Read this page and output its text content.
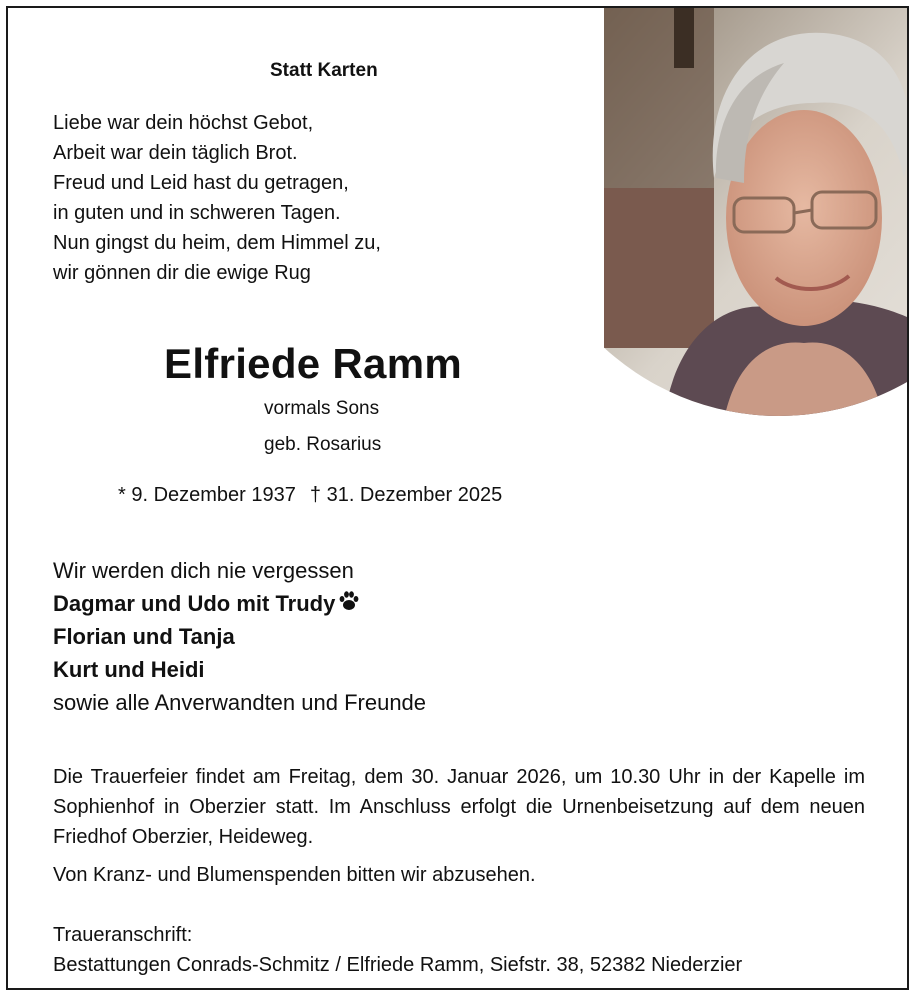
Statt Karten
Liebe war dein höchst Gebot,
Arbeit war dein täglich Brot.
Freud und Leid hast du getragen,
in guten und in schweren Tagen.
Nun gingst du heim, dem Himmel zu,
wir gönnen dir die ewige Rug
Elfriede Ramm
vormals Sons
geb. Rosarius
* 9. Dezember 1937 † 31. Dezember 2025
Wir werden dich nie vergessen
Dagmar und Udo mit Trudy
Florian und Tanja
Kurt und Heidi
sowie alle Anverwandten und Freunde
Die Trauerfeier findet am Freitag, dem 30. Januar 2026, um 10.30 Uhr in der Kapelle im Sophienhof in Oberzier statt. Im Anschluss erfolgt die Urnenbeisetzung auf dem neuen Friedhof Oberzier, Heideweg.
Von Kranz- und Blumenspenden bitten wir abzusehen.
Traueranschrift:
Bestattungen Conrads-Schmitz / Elfriede Ramm, Siefstr. 38, 52382 Niederzier
